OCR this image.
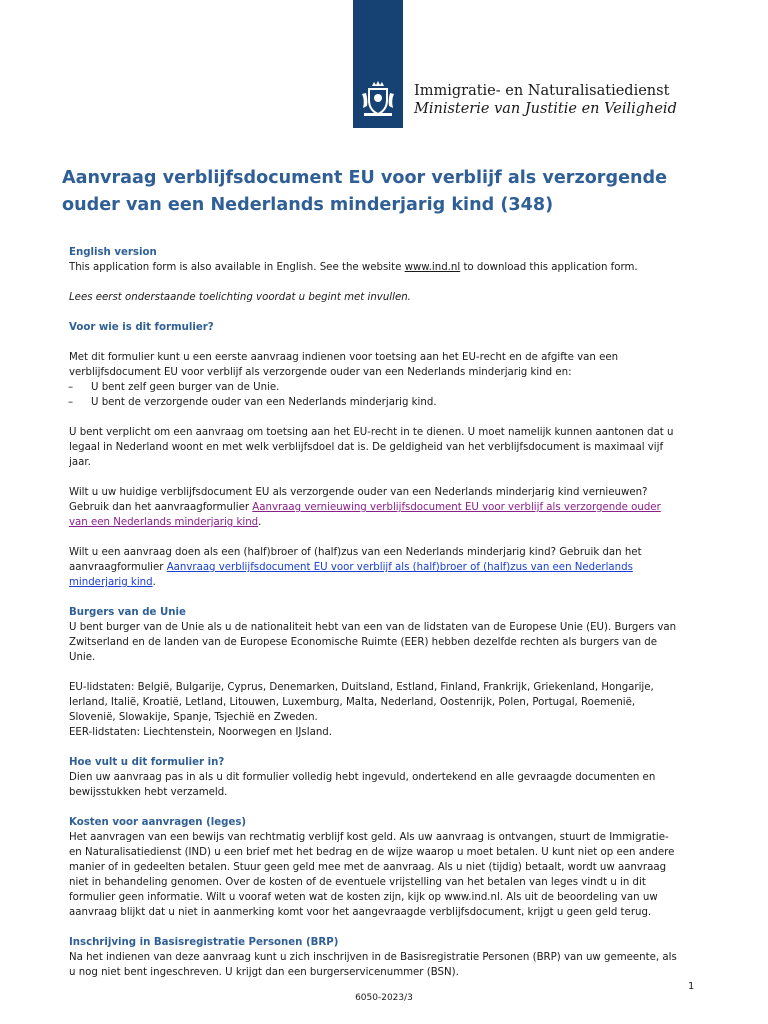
Immigratie- en Naturalisatiedienst
Ministerie van Justitie en Veiligheid
Aanvraag verblijfsdocument EU voor verblijf als verzorgende
ouder van een Nederlands minderjarig kind (348)

English version

This application form is also available in English. See the website www.ind.nl to download this application form.

Lees eerst onderstaande toelichting voordat u begint met invullen.

Voor wie is dit formulier?

Met dit formulier kunt u een eerste aanvraag indienen voor toetsing aan het EU-recht en de afgifte van een verblijfsdocument EU voor verblijf als verzorgende ouder van een Nederlands minderjarig kind en:

–	U bent zelf geen burger van de Unie.
–	U bent de verzorgende ouder van een Nederlands minderjarig kind.

U bent verplicht om een aanvraag om toetsing aan het EU-recht in te dienen. U moet namelijk kunnen aantonen dat u legaal in Nederland woont en met welk verblijfsdoel dat is. De geldigheid van het verblijfsdocument is maximaal vijf jaar.

Wilt u uw huidige verblijfsdocument EU als verzorgende ouder van een Nederlands minderjarig kind vernieuwen? Gebruik dan het aanvraagformulier Aanvraag vernieuwing verblijfsdocument EU voor verblijf als verzorgende ouder van een Nederlands minderjarig kind.

Wilt u een aanvraag doen als een (half)broer of (half)zus van een Nederlands minderjarig kind? Gebruik dan het aanvraagformulier Aanvraag verblijfsdocument EU voor verblijf als (half)broer of (half)zus van een Nederlands minderjarig kind.

Burgers van de Unie

U bent burger van de Unie als u de nationaliteit hebt van een van de lidstaten van de Europese Unie (EU). Burgers van Zwitserland en de landen van de Europese Economische Ruimte (EER) hebben dezelfde rechten als burgers van de Unie.

EU-lidstaten: België, Bulgarije, Cyprus, Denemarken, Duitsland, Estland, Finland, Frankrijk, Griekenland, Hongarije, Ierland, Italië, Kroatië, Letland, Litouwen, Luxemburg, Malta, Nederland, Oostenrijk, Polen, Portugal, Roemenië, Slovenië, Slowakije, Spanje, Tsjechië en Zweden.

EER-lidstaten: Liechtenstein, Noorwegen en IJsland.

Hoe vult u dit formulier in?

Dien uw aanvraag pas in als u dit formulier volledig hebt ingevuld, ondertekend en alle gevraagde documenten en bewijsstukken hebt verzameld.

Kosten voor aanvragen (leges)

Het aanvragen van een bewijs van rechtmatig verblijf kost geld. Als uw aanvraag is ontvangen, stuurt de Immigratie- en Naturalisatiedienst (IND) u een brief met het bedrag en de wijze waarop u moet betalen. U kunt niet op een andere manier of in gedeelten betalen. Stuur geen geld mee met de aanvraag. Als u niet (tijdig) betaalt, wordt uw aanvraag niet in behandeling genomen. Over de kosten of de eventuele vrijstelling van het betalen van leges vindt u in dit formulier geen informatie. Wilt u vooraf weten wat de kosten zijn, kijk op www.ind.nl. Als uit de beoordeling van uw aanvraag blijkt dat u niet in aanmerking komt voor het aangevraagde verblijfsdocument, krijgt u geen geld terug.

Inschrijving in Basisregistratie Personen (BRP)

Na het indienen van deze aanvraag kunt u zich inschrijven in de Basisregistratie Personen (BRP) van uw gemeente, als u nog niet bent ingeschreven. U krijgt dan een burgerservicenummer (BSN).

1
6050-2023/3
